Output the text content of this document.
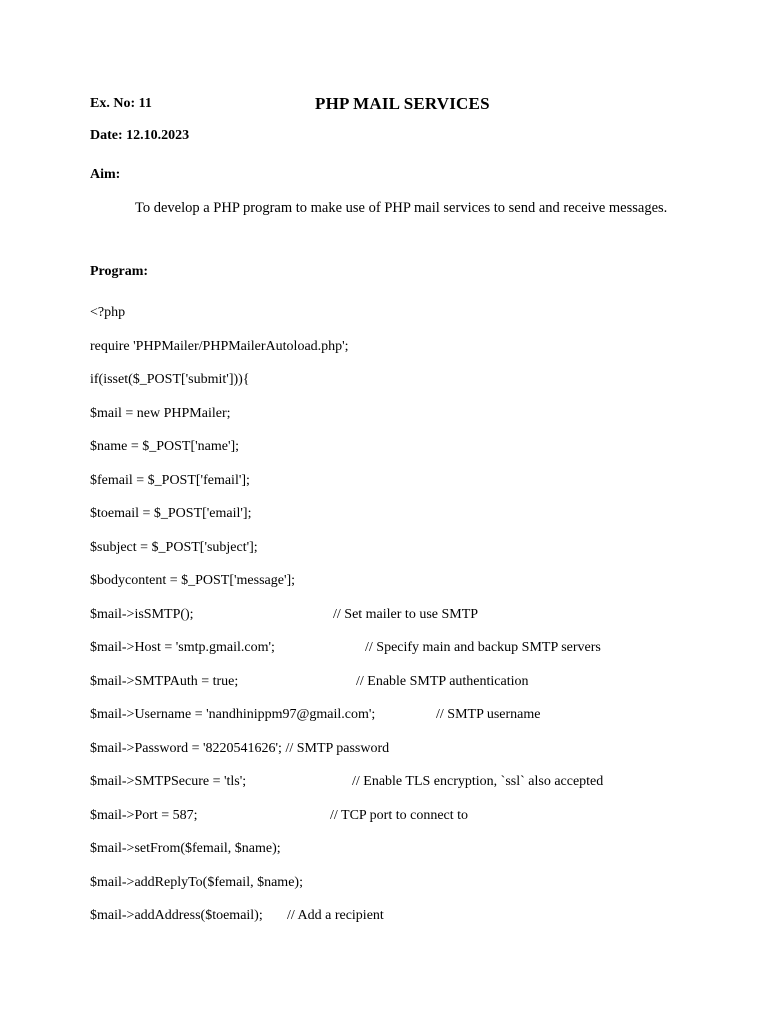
Ex. No: 11	PHP MAIL SERVICES
Date: 12.10.2023
Aim:
To develop a PHP program to make use of PHP mail services to send and receive messages.
Program:
<?php
require 'PHPMailer/PHPMailerAutoload.php';
if(isset($_POST['submit'])){
$mail = new PHPMailer;
$name = $_POST['name'];
$femail = $_POST['femail'];
$toemail = $_POST['email'];
$subject = $_POST['subject'];
$bodycontent = $_POST['message'];
$mail->isSMTP();	// Set mailer to use SMTP
$mail->Host = 'smtp.gmail.com';	// Specify main and backup SMTP servers
$mail->SMTPAuth = true;	// Enable SMTP authentication
$mail->Username = 'nandhinippm97@gmail.com';	// SMTP username
$mail->Password = '8220541626'; // SMTP password
$mail->SMTPSecure = 'tls';	// Enable TLS encryption, `ssl` also accepted
$mail->Port = 587;	// TCP port to connect to
$mail->setFrom($femail, $name);
$mail->addReplyTo($femail, $name);
$mail->addAddress($toemail); // Add a recipient
